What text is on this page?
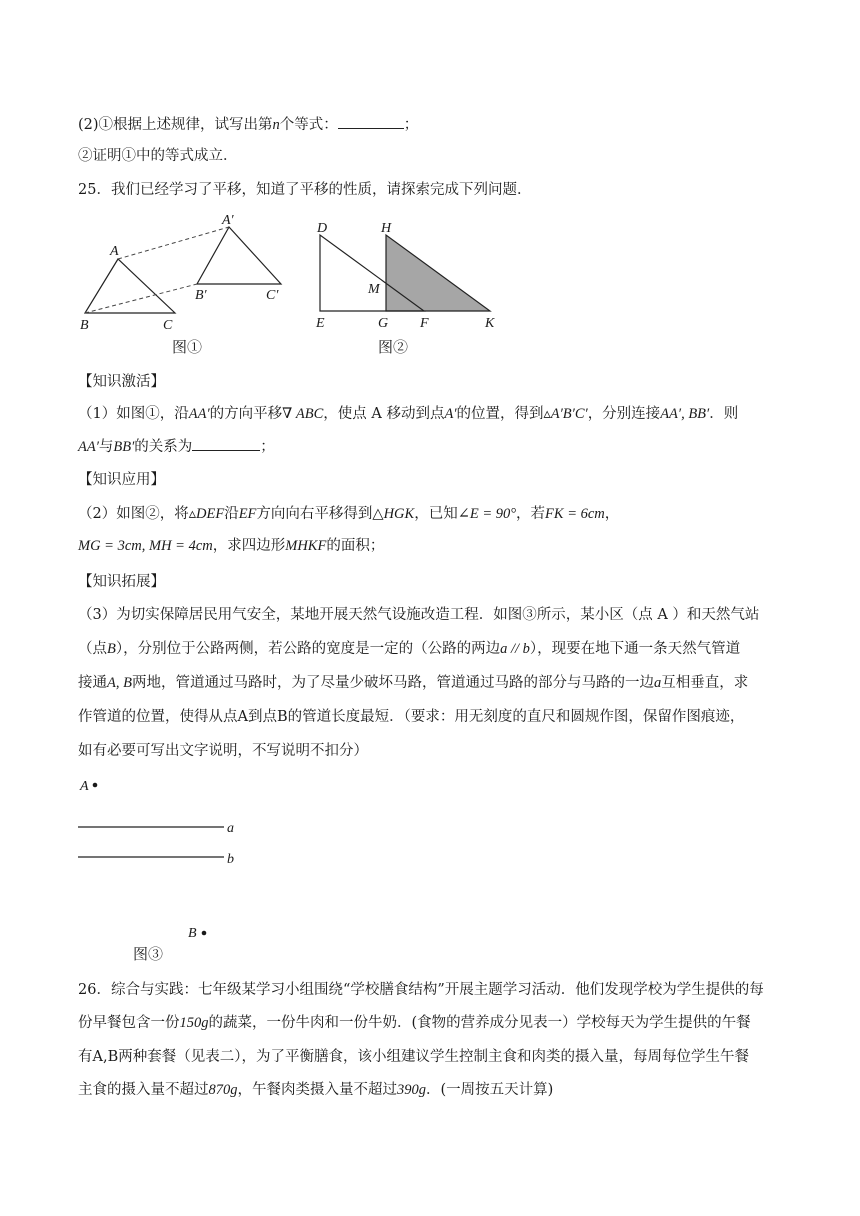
(2)①根据上述规律，试写出第n个等式：	；
②证明①中的等式成立．
25．我们已经学习了平移，知道了平移的性质，请探索完成下列问题．
A
B	C
A′
B′	C′
图①
D	H
M
E	G F	K
图②
A
a
b
B
图③
【知识激活】
（1）如图①，沿AA′的方向平移∇ ABC，使点 A 移动到点A′的位置，得到▵A′B′C′，分别连接AA′, BB′．则
AA′与BB′的关系为	；
【知识应用】
（2）如图②，将▵DEF沿EF方向向右平移得到△HGK，已知∠E = 90°，若FK = 6cm，
MG = 3cm, MH = 4cm，求四边形MHKF的面积；
【知识拓展】
（3）为切实保障居民用气安全，某地开展天然气设施改造工程．如图③所示，某小区（点 A ）和天然气站
（点B），分别位于公路两侧，若公路的宽度是一定的（公路的两边a // b），现要在地下通一条天然气管道
接通A, B两地，管道通过马路时，为了尽量少破坏马路，管道通过马路的部分与马路的一边a互相垂直，求
作管道的位置，使得从点A到点B的管道长度最短．（要求：用无刻度的直尺和圆规作图，保留作图痕迹，
如有必要可写出文字说明，不写说明不扣分）
26．综合与实践：七年级某学习小组围绕“学校膳食结构”开展主题学习活动．他们发现学校为学生提供的每
份早餐包含一份150g的蔬菜，一份牛肉和一份牛奶．(食物的营养成分见表一）学校每天为学生提供的午餐
有A,B两种套餐（见表二），为了平衡膳食，该小组建议学生控制主食和肉类的摄入量，每周每位学生午餐
主食的摄入量不超过870g，午餐肉类摄入量不超过390g．(一周按五天计算)
